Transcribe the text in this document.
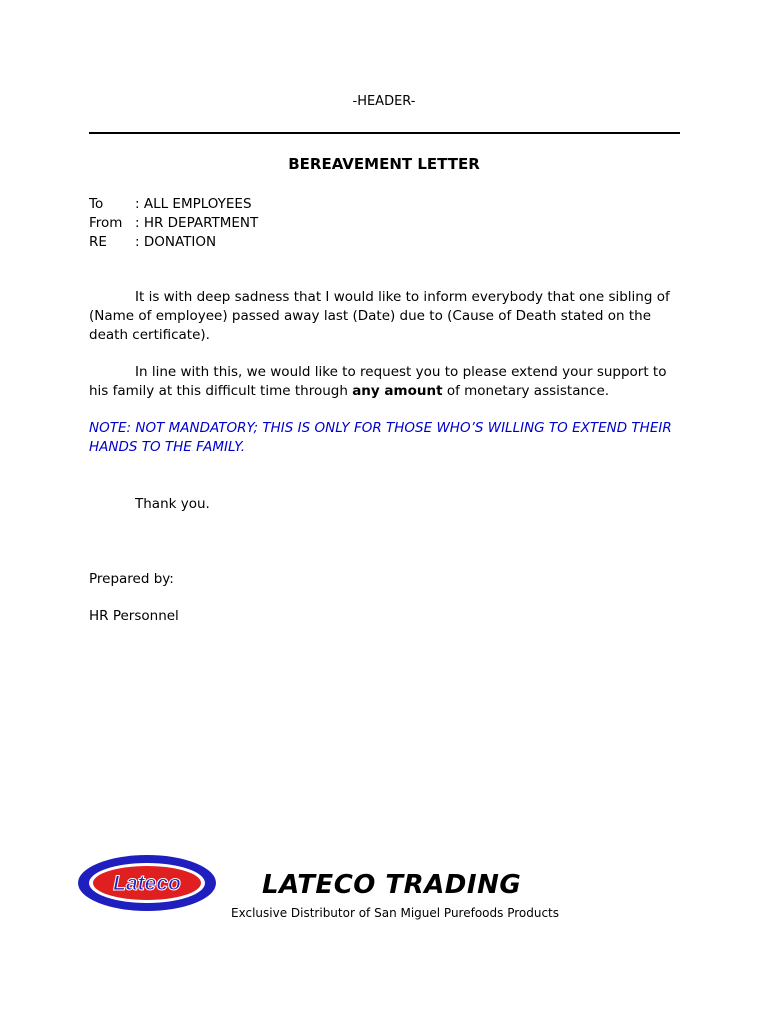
-HEADER-
BEREAVEMENT LETTER
To	: ALL EMPLOYEES
From : HR DEPARTMENT
RE	: DONATION
It is with deep sadness that I would like to inform everybody that one sibling of (Name of employee) passed away last (Date) due to (Cause of Death stated on the death certificate).
In line with this, we would like to request you to please extend your support to his family at this difficult time through any amount of monetary assistance.
NOTE: NOT MANDATORY; THIS IS ONLY FOR THOSE WHO’S WILLING TO EXTEND THEIR HANDS TO THE FAMILY.
Thank you.
Prepared by:
HR Personnel
Lateco	LATECO TRADING
Exclusive Distributor of San Miguel Purefoods Products
